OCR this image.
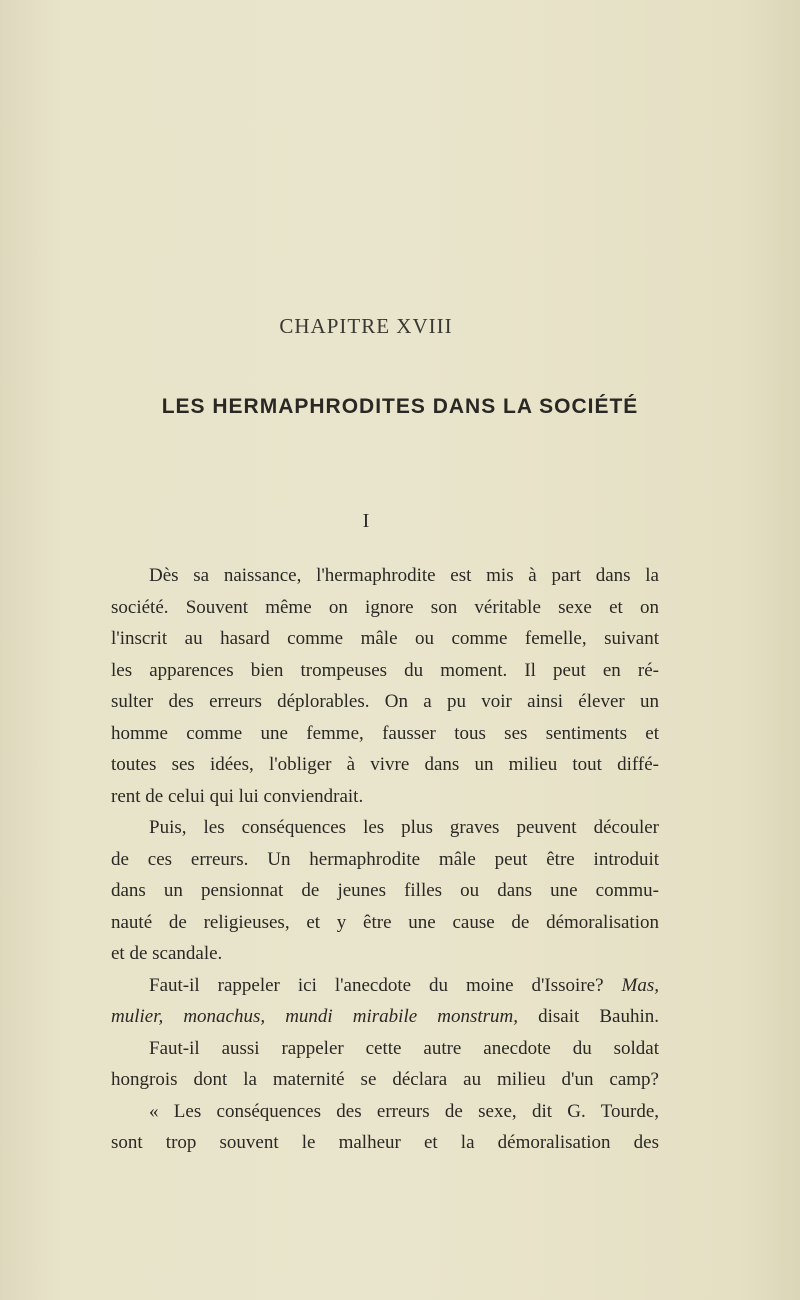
CHAPITRE XVIII
LES HERMAPHRODITES DANS LA SOCIÉTÉ
I
Dès sa naissance, l'hermaphrodite est mis à part dans la
société. Souvent même on ignore son véritable sexe et on
l'inscrit au hasard comme mâle ou comme femelle, suivant
les apparences bien trompeuses du moment. Il peut en ré-
sulter des erreurs déplorables. On a pu voir ainsi élever un
homme comme une femme, fausser tous ses sentiments et
toutes ses idées, l'obliger à vivre dans un milieu tout diffé-
rent de celui qui lui conviendrait.
Puis, les conséquences les plus graves peuvent découler
de ces erreurs. Un hermaphrodite mâle peut être introduit
dans un pensionnat de jeunes filles ou dans une commu-
nauté de religieuses, et y être une cause de démoralisation
et de scandale.
Faut-il rappeler ici l'anecdote du moine d'Issoire? Mas,
mulier, monachus, mundi mirabile monstrum, disait Bauhin.
Faut-il aussi rappeler cette autre anecdote du soldat
hongrois dont la maternité se déclara au milieu d'un camp?
« Les conséquences des erreurs de sexe, dit G. Tourde,
sont trop souvent le malheur et la démoralisation des
